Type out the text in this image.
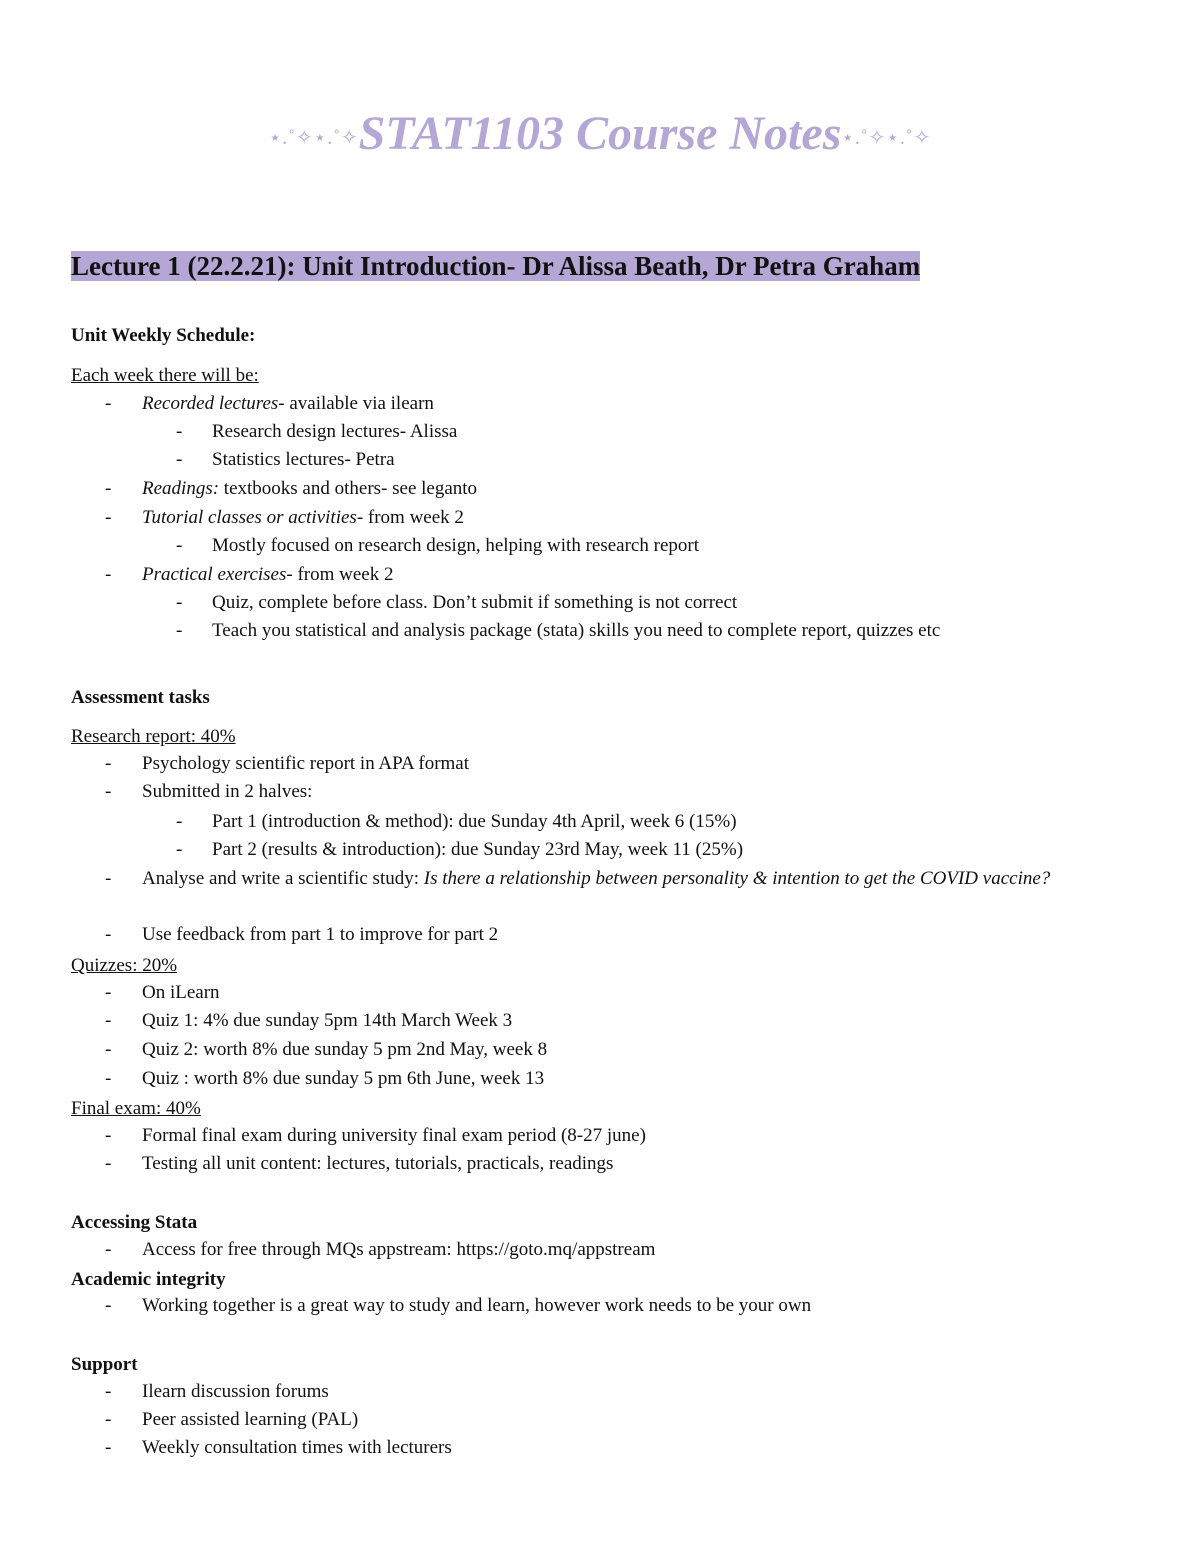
⋆.˚✧⋆.˚✧STAT1103 Course Notes⋆.˚✧⋆.˚✧
Lecture 1 (22.2.21): Unit Introduction- Dr Alissa Beath, Dr Petra Graham
Unit Weekly Schedule:
Each week there will be:
- Recorded lectures- available via ilearn
- Research design lectures- Alissa
- Statistics lectures- Petra
- Readings: textbooks and others- see leganto
- Tutorial classes or activities- from week 2
- Mostly focused on research design, helping with research report
- Practical exercises- from week 2
- Quiz, complete before class. Don’t submit if something is not correct
- Teach you statistical and analysis package (stata) skills you need to complete report, quizzes etc
Assessment tasks
Research report: 40%
- Psychology scientific report in APA format
- Submitted in 2 halves:
- Part 1 (introduction & method): due Sunday 4th April, week 6 (15%)
- Part 2 (results & introduction): due Sunday 23rd May, week 11 (25%)
- Analyse and write a scientific study: Is there a relationship between personality & intention to get the COVID vaccine?
- Use feedback from part 1 to improve for part 2
Quizzes: 20%
- On iLearn
- Quiz 1: 4% due sunday 5pm 14th March Week 3
- Quiz 2: worth 8% due sunday 5 pm 2nd May, week 8
- Quiz : worth 8% due sunday 5 pm 6th June, week 13
Final exam: 40%
- Formal final exam during university final exam period (8-27 june)
- Testing all unit content: lectures, tutorials, practicals, readings
Accessing Stata
- Access for free through MQs appstream: https://goto.mq/appstream
Academic integrity
- Working together is a great way to study and learn, however work needs to be your own
Support
- Ilearn discussion forums
- Peer assisted learning (PAL)
- Weekly consultation times with lecturers
